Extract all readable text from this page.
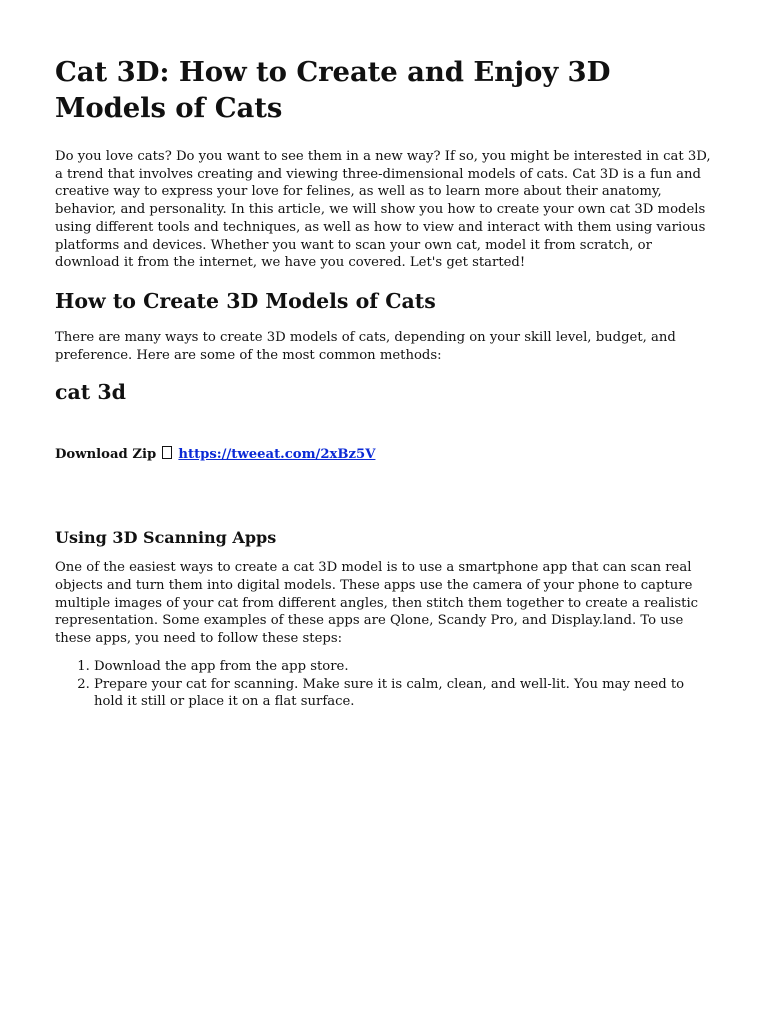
Cat 3D: How to Create and Enjoy 3D Models of Cats

Do you love cats? Do you want to see them in a new way? If so, you might be interested in cat 3D, a trend that involves creating and viewing three-dimensional models of cats. Cat 3D is a fun and creative way to express your love for felines, as well as to learn more about their anatomy, behavior, and personality. In this article, we will show you how to create your own cat 3D models using different tools and techniques, as well as how to view and interact with them using various platforms and devices. Whether you want to scan your own cat, model it from scratch, or download it from the internet, we have you covered. Let's get started!

How to Create 3D Models of Cats

There are many ways to create 3D models of cats, depending on your skill level, budget, and preference. Here are some of the most common methods:

cat 3d
Download Zip https://tweeat.com/2xBz5V
Using 3D Scanning Apps

One of the easiest ways to create a cat 3D model is to use a smartphone app that can scan real objects and turn them into digital models. These apps use the camera of your phone to capture multiple images of your cat from different angles, then stitch them together to create a realistic representation. Some examples of these apps are Qlone, Scandy Pro, and Display.land. To use these apps, you need to follow these steps:

1. Download the app from the app store.
2. Prepare your cat for scanning. Make sure it is calm, clean, and well-lit. You may need to hold it still or place it on a flat surface.
